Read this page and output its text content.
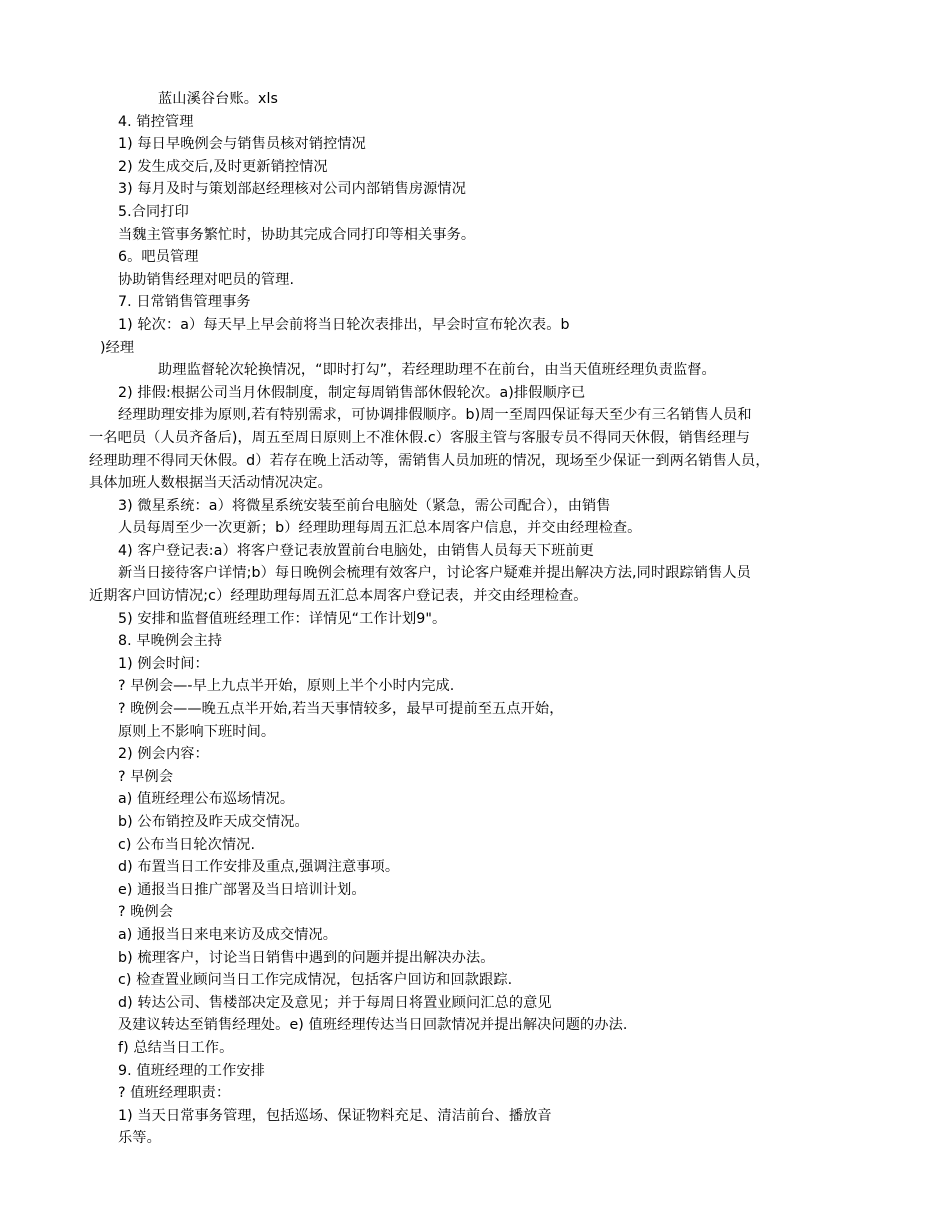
蓝山溪谷台账。xls
4. 销控管理
1) 每日早晚例会与销售员核对销控情况
2) 发生成交后,及时更新销控情况
3) 每月及时与策划部赵经理核对公司内部销售房源情况
5.合同打印
当魏主管事务繁忙时，协助其完成合同打印等相关事务。
6。吧员管理
协助销售经理对吧员的管理.
7. 日常销售管理事务
1) 轮次：a）每天早上早会前将当日轮次表排出，早会时宣布轮次表。b
)经理
助理监督轮次轮换情况，“即时打勾”，若经理助理不在前台，由当天值班经理负责监督。
2) 排假:根据公司当月休假制度，制定每周销售部休假轮次。a)排假顺序已
经理助理安排为原则,若有特别需求，可协调排假顺序。b)周一至周四保证每天至少有三名销售人员和
一名吧员（人员齐备后)，周五至周日原则上不准休假.c）客服主管与客服专员不得同天休假，销售经理与
经理助理不得同天休假。d）若存在晚上活动等，需销售人员加班的情况，现场至少保证一到两名销售人员，
具体加班人数根据当天活动情况决定。
3) 微星系统：a）将微星系统安装至前台电脑处（紧急，需公司配合），由销售
人员每周至少一次更新；b）经理助理每周五汇总本周客户信息，并交由经理检查。
4) 客户登记表:a）将客户登记表放置前台电脑处，由销售人员每天下班前更
新当日接待客户详情;b）每日晚例会梳理有效客户，讨论客户疑难并提出解决方法,同时跟踪销售人员
近期客户回访情况;c）经理助理每周五汇总本周客户登记表，并交由经理检查。
5) 安排和监督值班经理工作：详情见“工作计划9"。
8. 早晚例会主持
1) 例会时间：
? 早例会—-早上九点半开始，原则上半个小时内完成.
? 晚例会——晚五点半开始,若当天事情较多，最早可提前至五点开始，
原则上不影响下班时间。
2) 例会内容：
? 早例会
a) 值班经理公布巡场情况。
b) 公布销控及昨天成交情况。
c) 公布当日轮次情况.
d) 布置当日工作安排及重点,强调注意事项。
e) 通报当日推广部署及当日培训计划。
? 晚例会
a) 通报当日来电来访及成交情况。
b) 梳理客户，讨论当日销售中遇到的问题并提出解决办法。
c) 检查置业顾问当日工作完成情况，包括客户回访和回款跟踪.
d) 转达公司、售楼部决定及意见；并于每周日将置业顾问汇总的意见
及建议转达至销售经理处。e) 值班经理传达当日回款情况并提出解决问题的办法.
f) 总结当日工作。
9. 值班经理的工作安排
? 值班经理职责：
1) 当天日常事务管理，包括巡场、保证物料充足、清洁前台、播放音
乐等。
